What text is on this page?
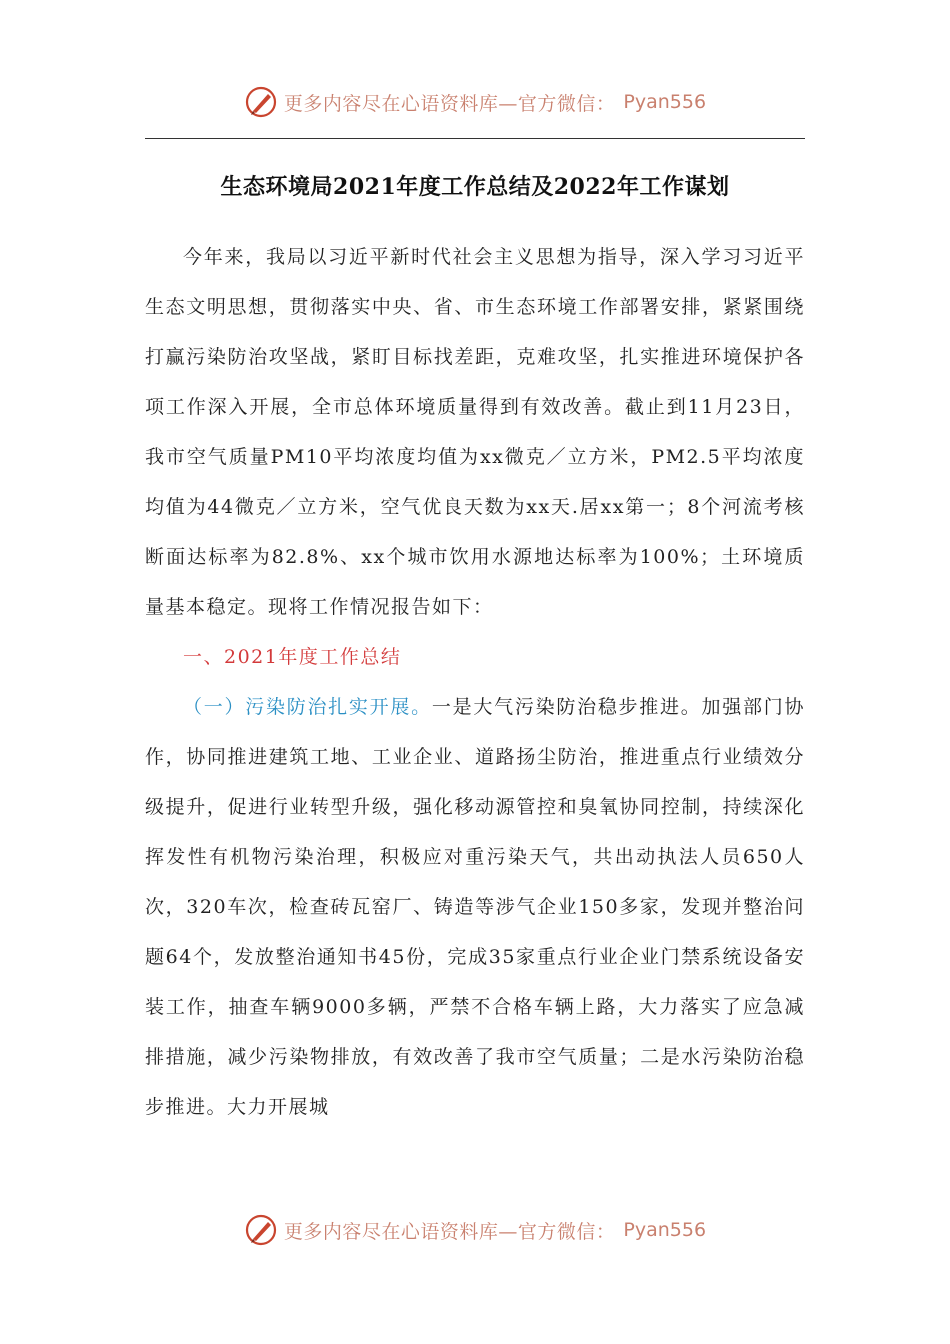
更多内容尽在心语资料库—官方微信： Pyan556
生态环境局2021年度工作总结及2022年工作谋划

今年来，我局以习近平新时代社会主义思想为指导，深入学习习近平生态文明思想，贯彻落实中央、省、市生态环境工作部署安排，紧紧围绕打赢污染防治攻坚战，紧盯目标找差距，克难攻坚，扎实推进环境保护各项工作深入开展，全市总体环境质量得到有效改善。截止到11月23日，我市空气质量PM10平均浓度均值为xx微克／立方米，PM2.5平均浓度均值为44微克／立方米，空气优良天数为xx天.居xx第一；8个河流考核断面达标率为82.8%、xx个城市饮用水源地达标率为100%；土环境质量基本稳定。现将工作情况报告如下：

一、2021年度工作总结

（一）污染防治扎实开展。一是大气污染防治稳步推进。加强部门协作，协同推进建筑工地、工业企业、道路扬尘防治，推进重点行业绩效分级提升，促进行业转型升级，强化移动源管控和臭氧协同控制，持续深化挥发性有机物污染治理，积极应对重污染天气，共出动执法人员650人次，320车次，检查砖瓦窑厂、铸造等涉气企业150多家，发现并整治问题64个，发放整治通知书45份，完成35家重点行业企业门禁系统设备安装工作，抽查车辆9000多辆，严禁不合格车辆上路，大力落实了应急减排措施，减少污染物排放，有效改善了我市空气质量；二是水污染防治稳步推进。大力开展城

更多内容尽在心语资料库—官方微信： Pyan556
